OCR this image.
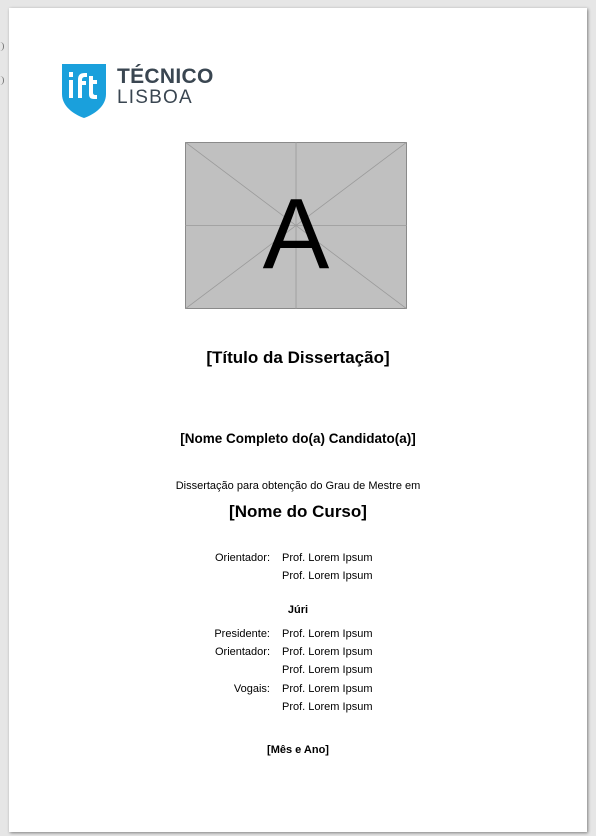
TÉCNICO
LISBOA
A
[Título da Dissertação]
[Nome Completo do(a) Candidato(a)]
Dissertação para obtenção do Grau de Mestre em
[Nome do Curso]
Orientador: Prof. Lorem Ipsum
Prof. Lorem Ipsum
Júri
Presidente: Prof. Lorem Ipsum
Orientador: Prof. Lorem Ipsum
Prof. Lorem Ipsum
Vogais: Prof. Lorem Ipsum
Prof. Lorem Ipsum
[Mês e Ano]
